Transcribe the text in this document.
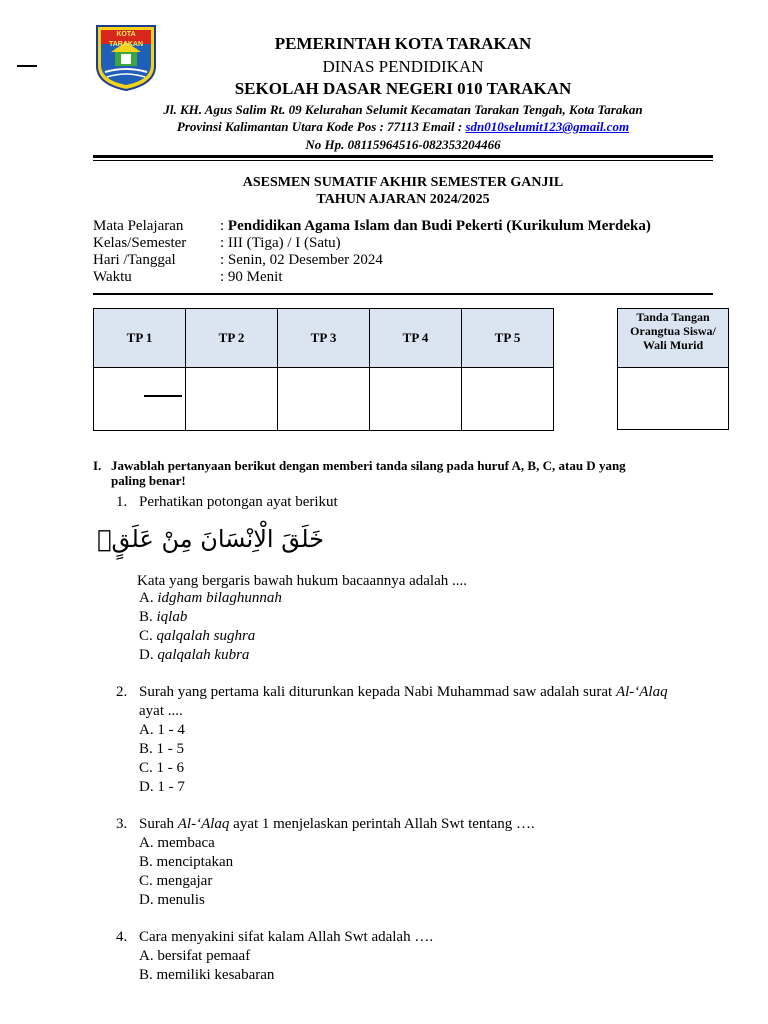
KOTA TARAKAN	PEMERINTAH KOTA TARAKAN
DINAS PENDIDIKAN
SEKOLAH DASAR NEGERI 010 TARAKAN
Jl. KH. Agus Salim Rt. 09 Kelurahan Selumit Kecamatan Tarakan Tengah, Kota Tarakan
Provinsi Kalimantan Utara Kode Pos : 77113 Email : sdn010selumit123@gmail.com
No Hp. 08115964516-082353204466
ASESMEN SUMATIF AKHIR SEMESTER GANJIL
TAHUN AJARAN 2024/2025
Mata Pelajaran	: Pendidikan Agama Islam dan Budi Pekerti (Kurikulum Merdeka)
Kelas/Semester	: III (Tiga) / I (Satu)
Hari /Tanggal	: Senin, 02 Desember 2024
Waktu	: 90 Menit
TP 1	TP 2	TP 3	TP 4	TP 5

Tanda Tangan
Orangtua Siswa/
Wali Murid

I. Jawablah pertanyaan berikut dengan memberi tanda silang pada huruf A, B, C, atau D yang
paling benar!
1. Perhatikan potongan ayat berikut
خَلَقَ الْاِنْسَانَ مِنْ عَلَقٍۚ
Kata yang bergaris bawah hukum bacaannya adalah ....
A. idgham bilaghunnah
B. iqlab
C. qalqalah sughra
D. qalqalah kubra
2. Surah yang pertama kali diturunkan kepada Nabi Muhammad saw adalah surat Al-‘Alaq
ayat ....
A. 1 - 4
B. 1 - 5
C. 1 - 6
D. 1 - 7
3. Surah Al-‘Alaq ayat 1 menjelaskan perintah Allah Swt tentang ….
A. membaca
B. menciptakan
C. mengajar
D. menulis
4. Cara menyakini sifat kalam Allah Swt adalah ….
A. bersifat pemaaf
B. memiliki kesabaran
